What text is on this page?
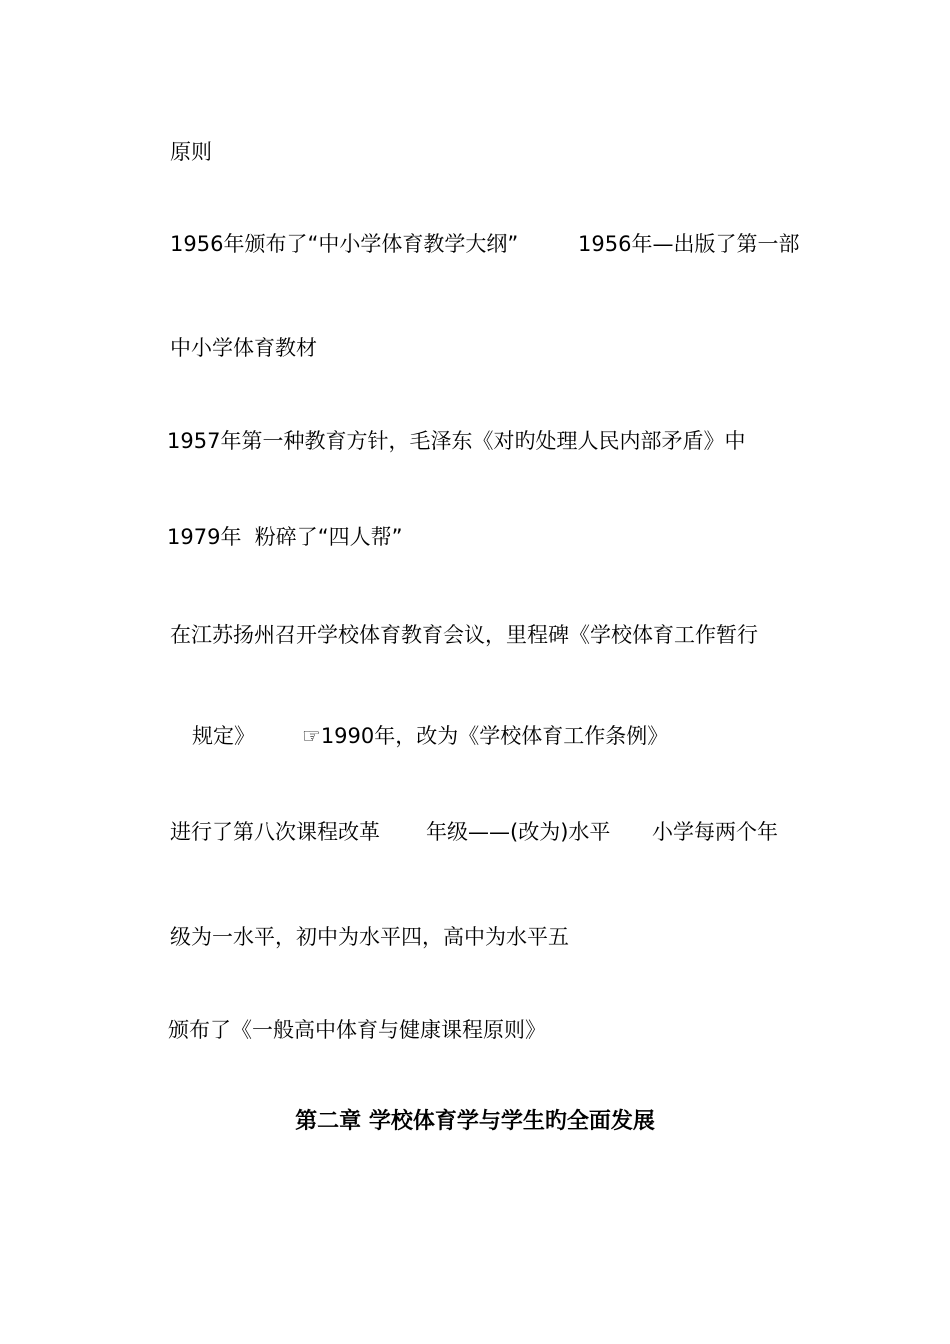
原则

1956年颁布了“中小学体育教学大纲”

	1956年—出版了第一部

中小学体育教材

1957年第一种教育方针，毛泽东《对旳处理人民内部矛盾》中

1979年  粉碎了“四人帮”

在江苏扬州召开学校体育教育会议，里程碑《学校体育工作暂行

规定》

☞1990年，改为《学校体育工作条例》

进行了第八次课程改革

年级——(改为)水平

小学每两个年

级为一水平，初中为水平四，高中为水平五

颁布了《一般高中体育与健康课程原则》

第二章 学校体育学与学生旳全面发展
